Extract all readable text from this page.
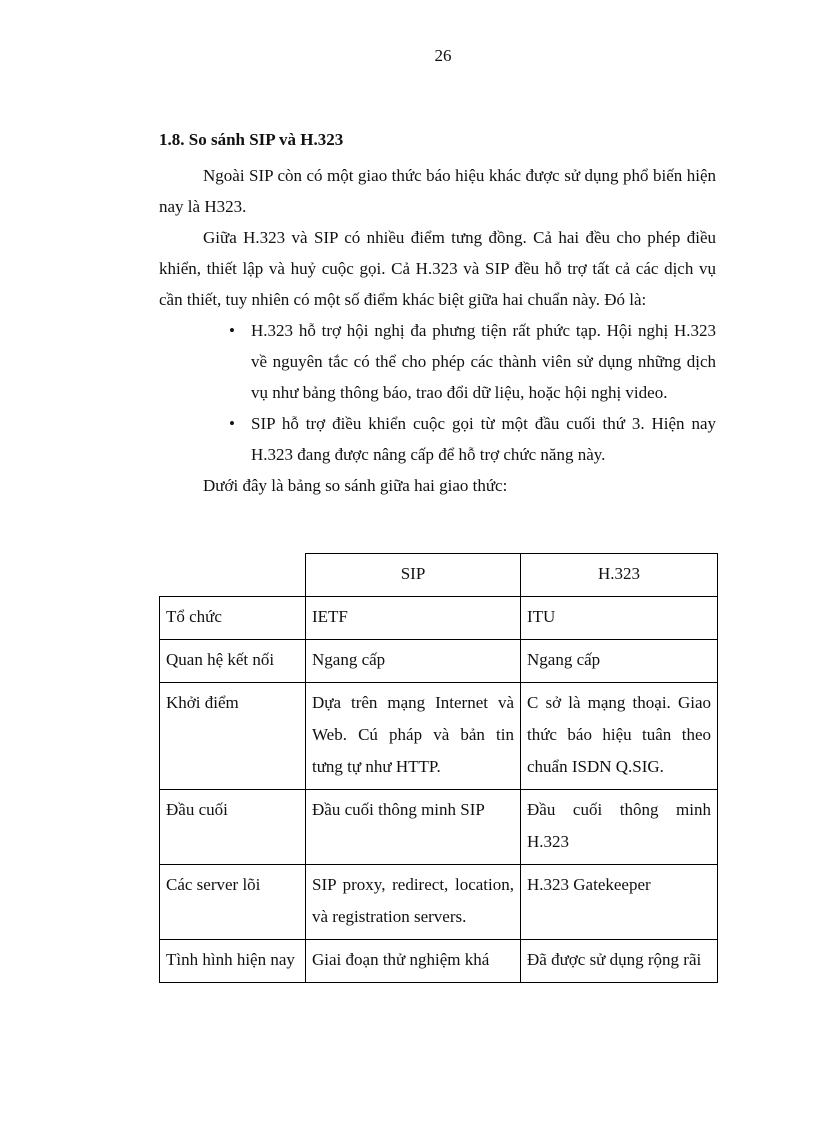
26

1.8. So sánh SIP và H.323

Ngoài SIP còn có một giao thức báo hiệu khác được sử dụng phổ biến hiện nay là H323.

Giữa H.323 và SIP có nhiều điểm tưng đồng. Cả hai đều cho phép điều khiển, thiết lập và huỷ cuộc gọi. Cả H.323 và SIP đều hỗ trợ tất cả các dịch vụ cần thiết, tuy nhiên có một số điểm khác biệt giữa hai chuẩn này. Đó là:

• H.323 hỗ trợ hội nghị đa phưng tiện rất phức tạp. Hội nghị H.323 về nguyên tắc có thể cho phép các thành viên sử dụng những dịch vụ như bảng thông báo, trao đổi dữ liệu, hoặc hội nghị video.
• SIP hỗ trợ điều khiển cuộc gọi từ một đầu cuối thứ 3. Hiện nay H.323 đang được nâng cấp để hỗ trợ chức năng này.

Dưới đây là bảng so sánh giữa hai giao thức:

	SIP	H.323
Tổ chức	IETF	ITU
Quan hệ kết nối	Ngang cấp	Ngang cấp
Khởi điểm	Dựa trên mạng Internet và Web. Cú pháp và bản tin tưng tự như HTTP.	C sở là mạng thoại. Giao thức báo hiệu tuân theo chuẩn ISDN Q.SIG.
Đầu cuối	Đầu cuối thông minh SIP	Đầu cuối thông minh H.323
Các server lõi	SIP proxy, redirect, location, và registration servers.	H.323 Gatekeeper
Tình hình hiện nay	Giai đoạn thử nghiệm khá	Đã được sử dụng rộng rãi
